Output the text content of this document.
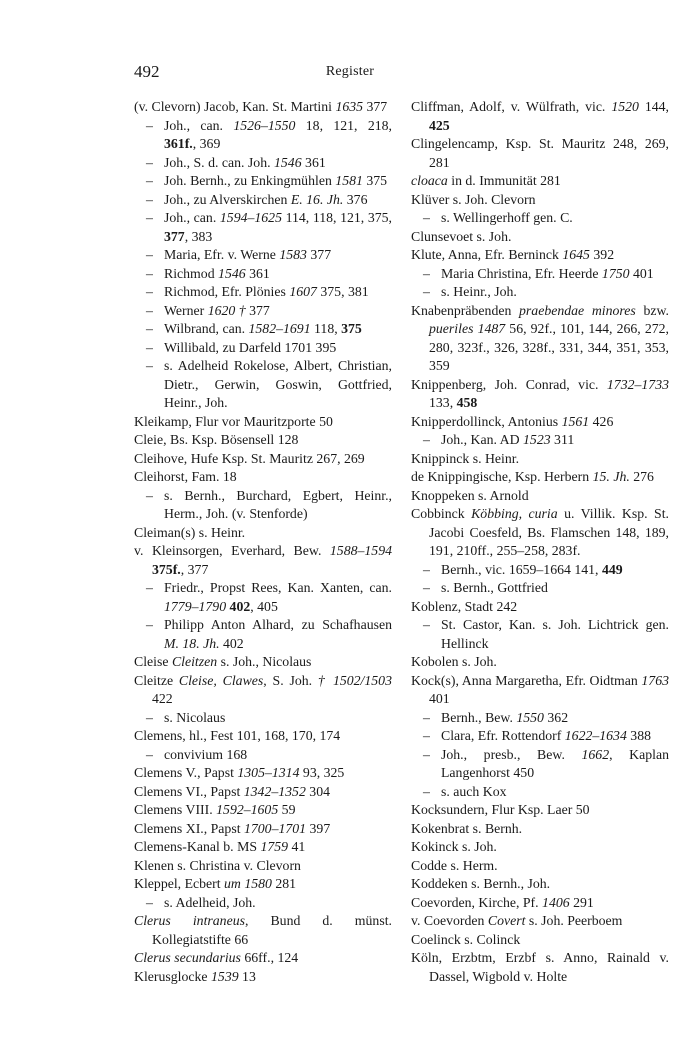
492	Register
(v. Clevorn) Jacob, Kan. St. Martini 1635 377
– Joh., can. 1526–1550 18, 121, 218, 361f., 369
– Joh., S. d. can. Joh. 1546 361
– Joh. Bernh., zu Enkingmühlen 1581 375
– Joh., zu Alverskirchen E. 16. Jh. 376
– Joh., can. 1594–1625 114, 118, 121, 375, 377, 383
– Maria, Efr. v. Werne 1583 377
– Richmod 1546 361
– Richmod, Efr. Plönies 1607 375, 381
– Werner 1620 † 377
– Wilbrand, can. 1582–1691 118, 375
– Willibald, zu Darfeld 1701 395
– s. Adelheid Rokelose, Albert, Christian, Dietr., Gerwin, Goswin, Gottfried, Heinr., Joh.
Kleikamp, Flur vor Mauritzporte 50
Cleie, Bs. Ksp. Bösensell 128
Cleihove, Hufe Ksp. St. Mauritz 267, 269
Cleihorst, Fam. 18
– s. Bernh., Burchard, Egbert, Heinr., Herm., Joh. (v. Stenforde)
Cleiman(s) s. Heinr.
v. Kleinsorgen, Everhard, Bew. 1588–1594 375f., 377
– Friedr., Propst Rees, Kan. Xanten, can. 1779–1790 402, 405
– Philipp Anton Alhard, zu Schafhausen M. 18. Jh. 402
Cleise Cleitzen s. Joh., Nicolaus
Cleitze Cleise, Clawes, S. Joh. † 1502/1503 422
– s. Nicolaus
Clemens, hl., Fest 101, 168, 170, 174
– convivium 168
Clemens V., Papst 1305–1314 93, 325
Clemens VI., Papst 1342–1352 304
Clemens VIII. 1592–1605 59
Clemens XI., Papst 1700–1701 397
Clemens-Kanal b. MS 1759 41
Klenen s. Christina v. Clevorn
Kleppel, Ecbert um 1580 281
– s. Adelheid, Joh.
Clerus intraneus, Bund d. münst. Kollegiatstifte 66
Clerus secundarius 66ff., 124
Klerusglocke 1539 13
Cliffman, Adolf, v. Wülfrath, vic. 1520 144, 425
Clingelencamp, Ksp. St. Mauritz 248, 269, 281
cloaca in d. Immunität 281
Klüver s. Joh. Clevorn
– s. Wellingerhoff gen. C.
Clunsevoet s. Joh.
Klute, Anna, Efr. Berninck 1645 392
– Maria Christina, Efr. Heerde 1750 401
– s. Heinr., Joh.
Knabenpräbenden praebendae minores bzw. pueriles 1487 56, 92f., 101, 144, 266, 272, 280, 323f., 326, 328f., 331, 344, 351, 353, 359
Knippenberg, Joh. Conrad, vic. 1732–1733 133, 458
Knipperdollinck, Antonius 1561 426
– Joh., Kan. AD 1523 311
Knippinck s. Heinr.
de Knippingische, Ksp. Herbern 15. Jh. 276
Knoppeken s. Arnold
Cobbinck Köbbing, curia u. Villik. Ksp. St. Jacobi Coesfeld, Bs. Flamschen 148, 189, 191, 210ff., 255–258, 283f.
– Bernh., vic. 1659–1664 141, 449
– s. Bernh., Gottfried
Koblenz, Stadt 242
– St. Castor, Kan. s. Joh. Lichtrick gen. Hellinck
Kobolen s. Joh.
Kock(s), Anna Margaretha, Efr. Oidtman 1763 401
– Bernh., Bew. 1550 362
– Clara, Efr. Rottendorf 1622–1634 388
– Joh., presb., Bew. 1662, Kaplan Langenhorst 450
– s. auch Kox
Kocksundern, Flur Ksp. Laer 50
Kokenbrat s. Bernh.
Kokinck s. Joh.
Codde s. Herm.
Koddeken s. Bernh., Joh.
Coevorden, Kirche, Pf. 1406 291
v. Coevorden Covert s. Joh. Peerboem
Coelinck s. Colinck
Köln, Erzbtm, Erzbf s. Anno, Rainald v. Dassel, Wigbold v. Holte
